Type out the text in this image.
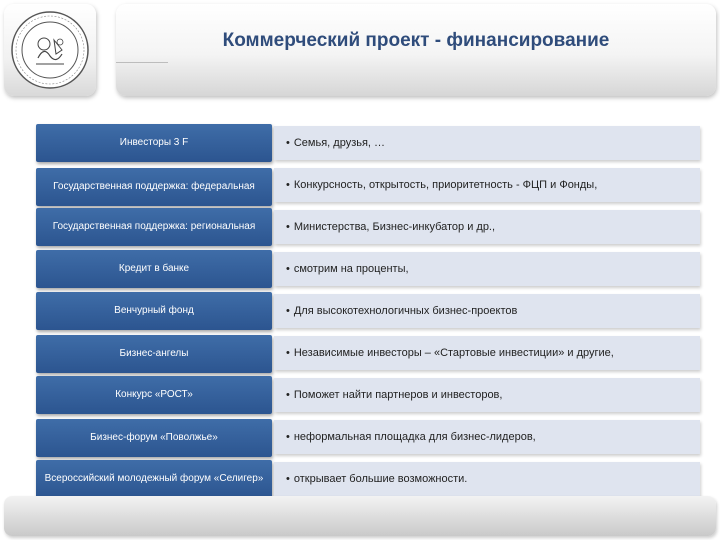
Коммерческий проект - финансирование
Инвесторы 3 F	• Семья, друзья, …
Государственная поддержка: федеральная	• Конкурсность, открытость, приоритетность - ФЦП и Фонды,
Государственная поддержка: региональная	• Министерства, Бизнес-инкубатор и др.,
Кредит в банке	• смотрим на проценты,
Венчурный фонд	• Для высокотехнологичных бизнес-проектов
Бизнес-ангелы	• Независимые инвесторы – «Стартовые инвестиции» и другие,
Конкурс «РОСТ»	• Поможет найти партнеров и инвесторов,
Бизнес-форум «Поволжье»	• неформальная площадка для бизнес-лидеров,
Всероссийский молодежный форум «Селигер» • открывает большие возможности.
